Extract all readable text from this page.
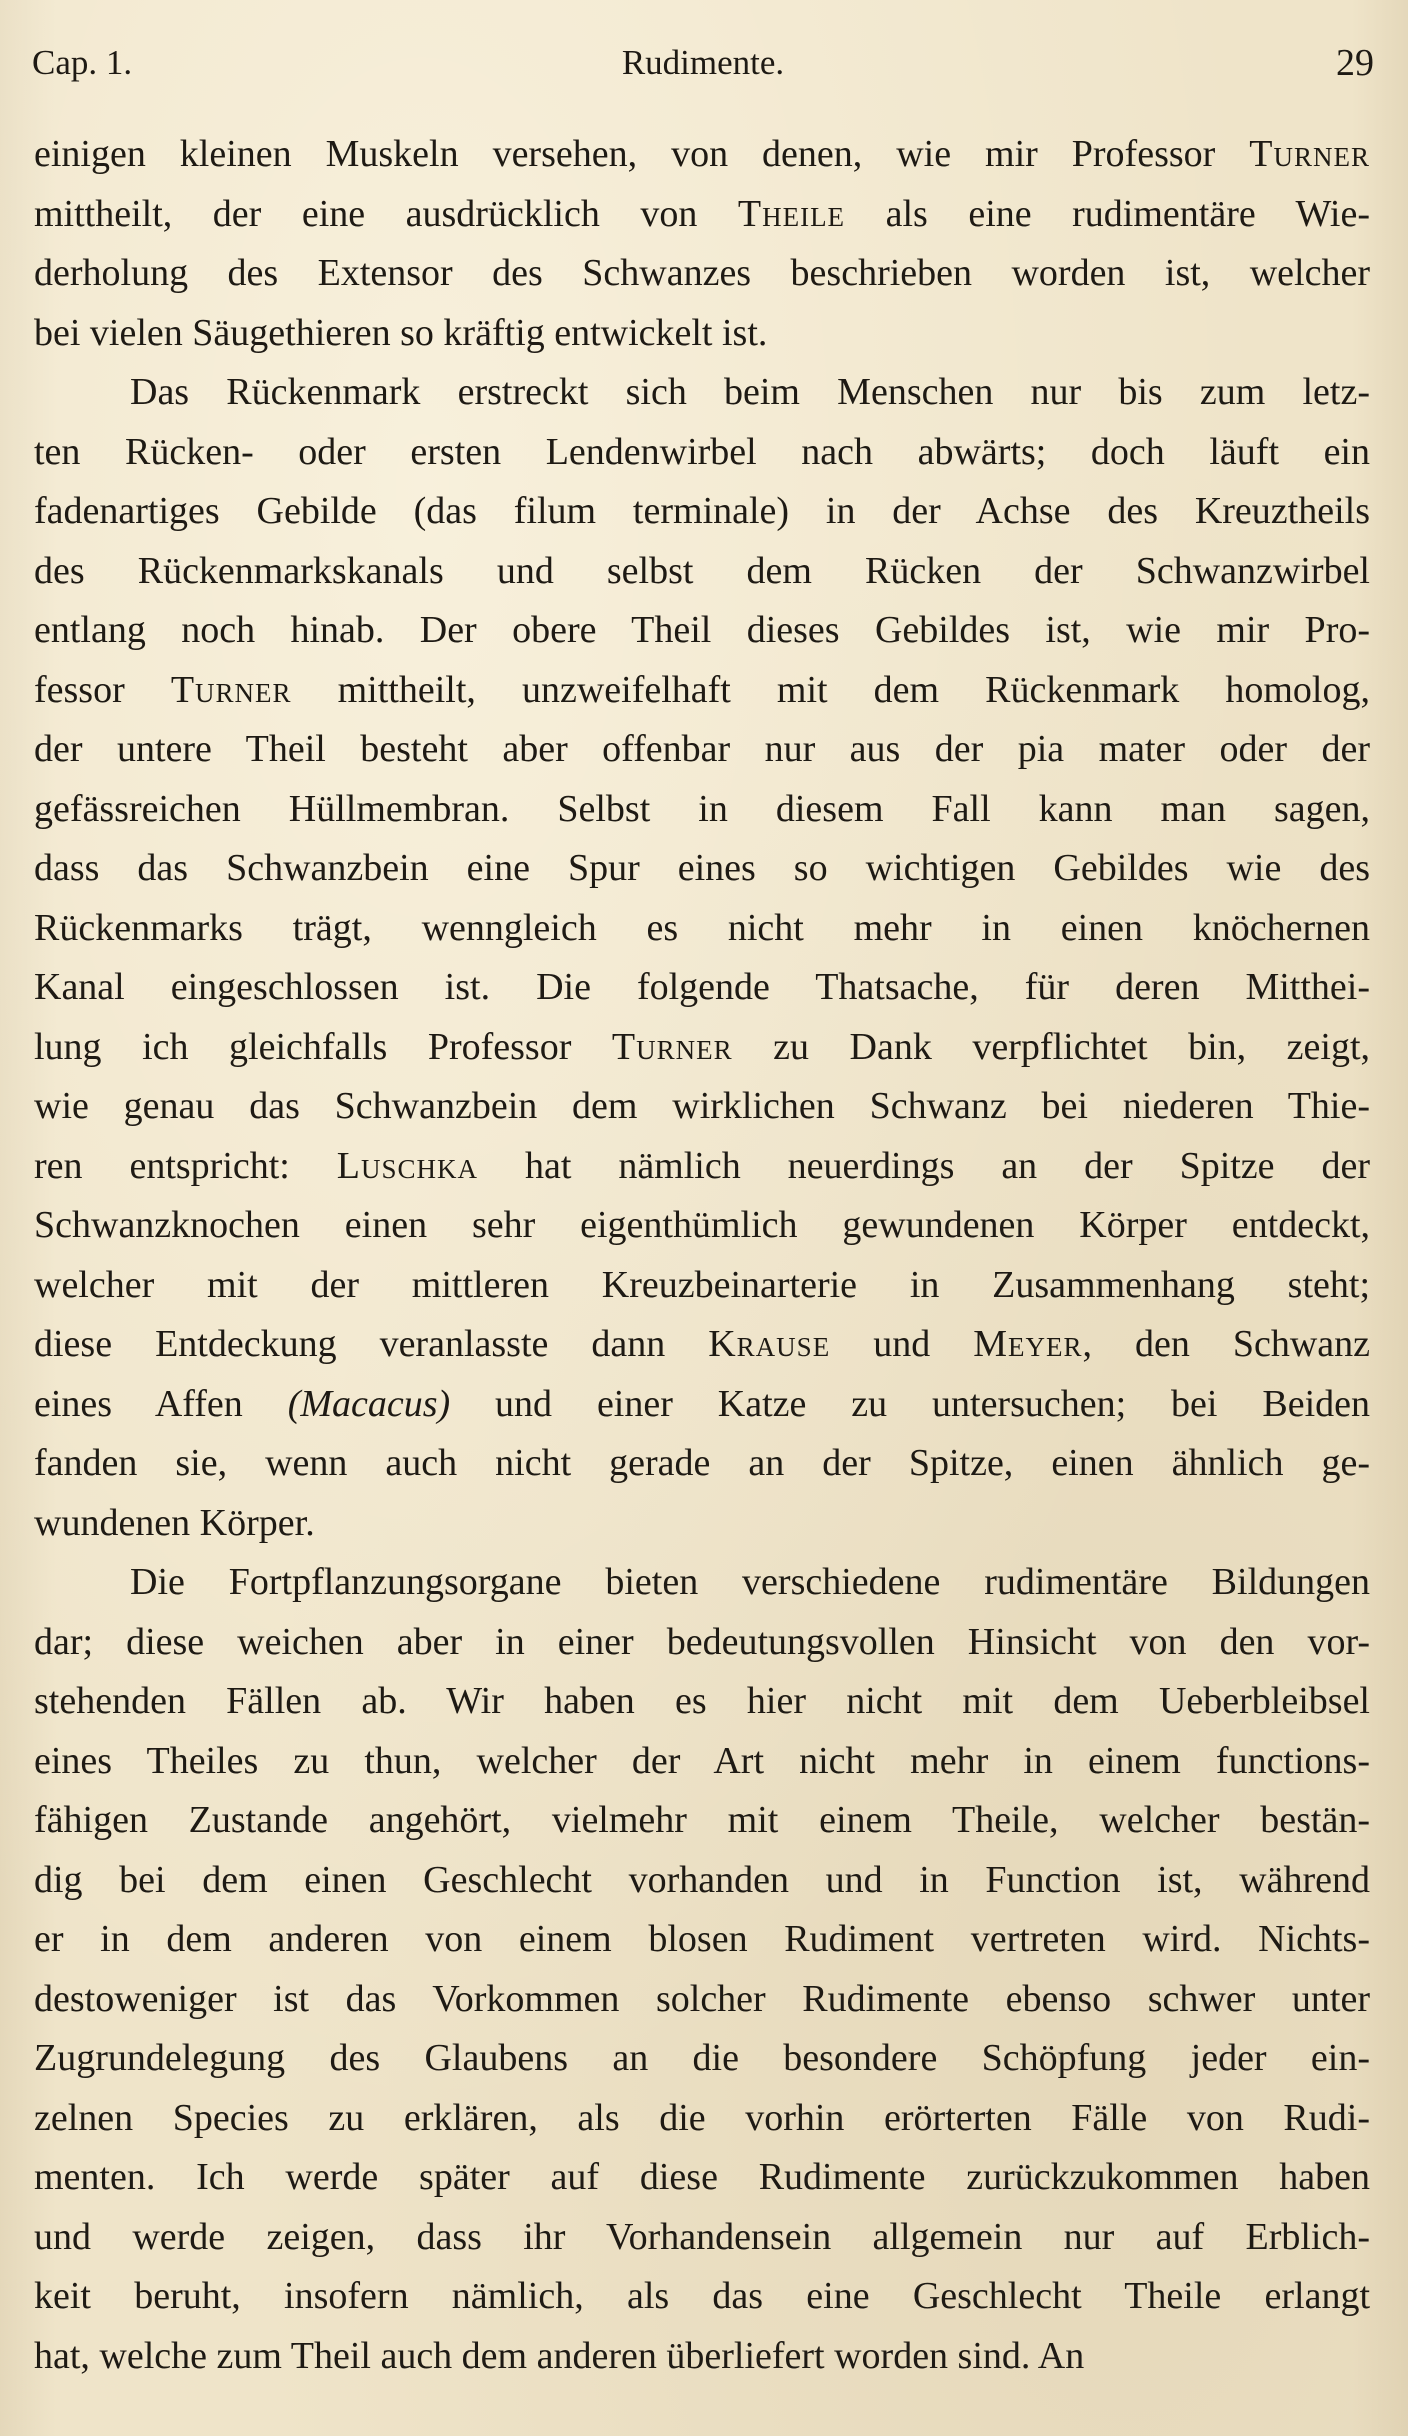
Cap. 1.	Rudimente.	29
einigen kleinen Muskeln versehen, von denen, wie mir Professor Turner
mittheilt, der eine ausdrücklich von Theile als eine rudimentäre Wie-
derholung des Extensor des Schwanzes beschrieben worden ist, welcher
bei vielen Säugethieren so kräftig entwickelt ist.
Das Rückenmark erstreckt sich beim Menschen nur bis zum letz-
ten Rücken- oder ersten Lendenwirbel nach abwärts; doch läuft ein
fadenartiges Gebilde (das filum terminale) in der Achse des Kreuztheils
des Rückenmarkskanals und selbst dem Rücken der Schwanzwirbel
entlang noch hinab. Der obere Theil dieses Gebildes ist, wie mir Pro-
fessor Turner mittheilt, unzweifelhaft mit dem Rückenmark homolog,
der untere Theil besteht aber offenbar nur aus der pia mater oder der
gefässreichen Hüllmembran. Selbst in diesem Fall kann man sagen,
dass das Schwanzbein eine Spur eines so wichtigen Gebildes wie des
Rückenmarks trägt, wenngleich es nicht mehr in einen knöchernen
Kanal eingeschlossen ist. Die folgende Thatsache, für deren Mitthei-
lung ich gleichfalls Professor Turner zu Dank verpflichtet bin, zeigt,
wie genau das Schwanzbein dem wirklichen Schwanz bei niederen Thie-
ren entspricht: Luschka hat nämlich neuerdings an der Spitze der
Schwanzknochen einen sehr eigenthümlich gewundenen Körper entdeckt,
welcher mit der mittleren Kreuzbeinarterie in Zusammenhang steht;
diese Entdeckung veranlasste dann Krause und Meyer, den Schwanz
eines Affen (Macacus) und einer Katze zu untersuchen; bei Beiden
fanden sie, wenn auch nicht gerade an der Spitze, einen ähnlich ge-
wundenen Körper.
Die Fortpflanzungsorgane bieten verschiedene rudimentäre Bildungen
dar; diese weichen aber in einer bedeutungsvollen Hinsicht von den vor-
stehenden Fällen ab. Wir haben es hier nicht mit dem Ueberbleibsel
eines Theiles zu thun, welcher der Art nicht mehr in einem functions-
fähigen Zustande angehört, vielmehr mit einem Theile, welcher bestän-
dig bei dem einen Geschlecht vorhanden und in Function ist, während
er in dem anderen von einem blosen Rudiment vertreten wird. Nichts-
destoweniger ist das Vorkommen solcher Rudimente ebenso schwer unter
Zugrundelegung des Glaubens an die besondere Schöpfung jeder ein-
zelnen Species zu erklären, als die vorhin erörterten Fälle von Rudi-
menten. Ich werde später auf diese Rudimente zurückzukommen haben
und werde zeigen, dass ihr Vorhandensein allgemein nur auf Erblich-
keit beruht, insofern nämlich, als das eine Geschlecht Theile erlangt
hat, welche zum Theil auch dem anderen überliefert worden sind. An
